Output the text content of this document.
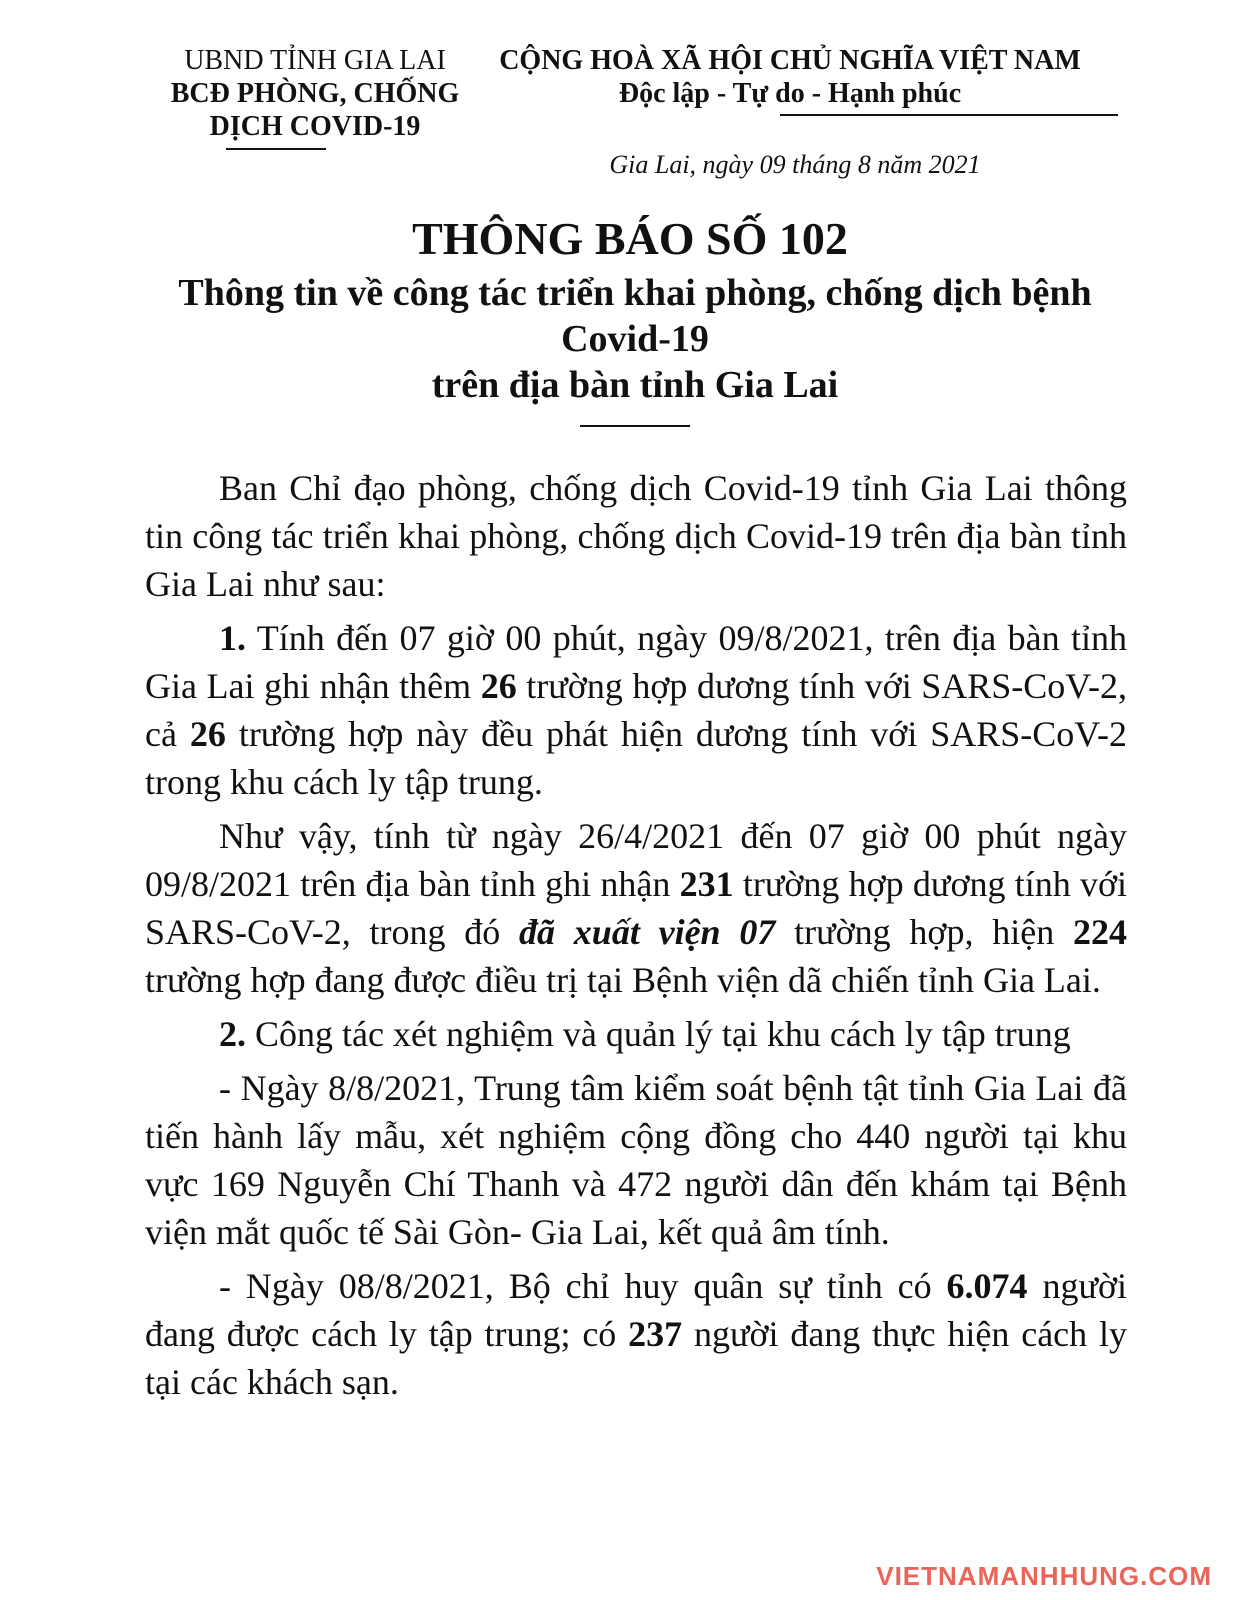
UBND TỈNH GIA LAI
BCĐ PHÒNG, CHỐNG
DỊCH COVID-19
CỘNG HOÀ XÃ HỘI CHỦ NGHĨA VIỆT NAM
Độc lập - Tự do - Hạnh phúc
Gia Lai, ngày 09 tháng 8 năm 2021
THÔNG BÁO SỐ 102
Thông tin về công tác triển khai phòng, chống dịch bệnh
Covid-19
trên địa bàn tỉnh Gia Lai

Ban Chỉ đạo phòng, chống dịch Covid-19 tỉnh Gia Lai thông tin công tác triển khai phòng, chống dịch Covid-19 trên địa bàn tỉnh Gia Lai như sau:

1. Tính đến 07 giờ 00 phút, ngày 09/8/2021, trên địa bàn tỉnh Gia Lai ghi nhận thêm 26 trường hợp dương tính với SARS-CoV-2, cả 26 trường hợp này đều phát hiện dương tính với SARS-CoV-2 trong khu cách ly tập trung.

Như vậy, tính từ ngày 26/4/2021 đến 07 giờ 00 phút ngày 09/8/2021 trên địa bàn tỉnh ghi nhận 231 trường hợp dương tính với SARS-CoV-2, trong đó đã xuất viện 07 trường hợp, hiện 224 trường hợp đang được điều trị tại Bệnh viện dã chiến tỉnh Gia Lai.

2. Công tác xét nghiệm và quản lý tại khu cách ly tập trung

- Ngày 8/8/2021, Trung tâm kiểm soát bệnh tật tỉnh Gia Lai đã tiến hành lấy mẫu, xét nghiệm cộng đồng cho 440 người tại khu vực 169 Nguyễn Chí Thanh và 472 người dân đến khám tại Bệnh viện mắt quốc tế Sài Gòn- Gia Lai, kết quả âm tính.

- Ngày 08/8/2021, Bộ chỉ huy quân sự tỉnh có 6.074 người đang được cách ly tập trung; có 237 người đang thực hiện cách ly tại các khách sạn.

VIETNAMANHHUNG.COM
